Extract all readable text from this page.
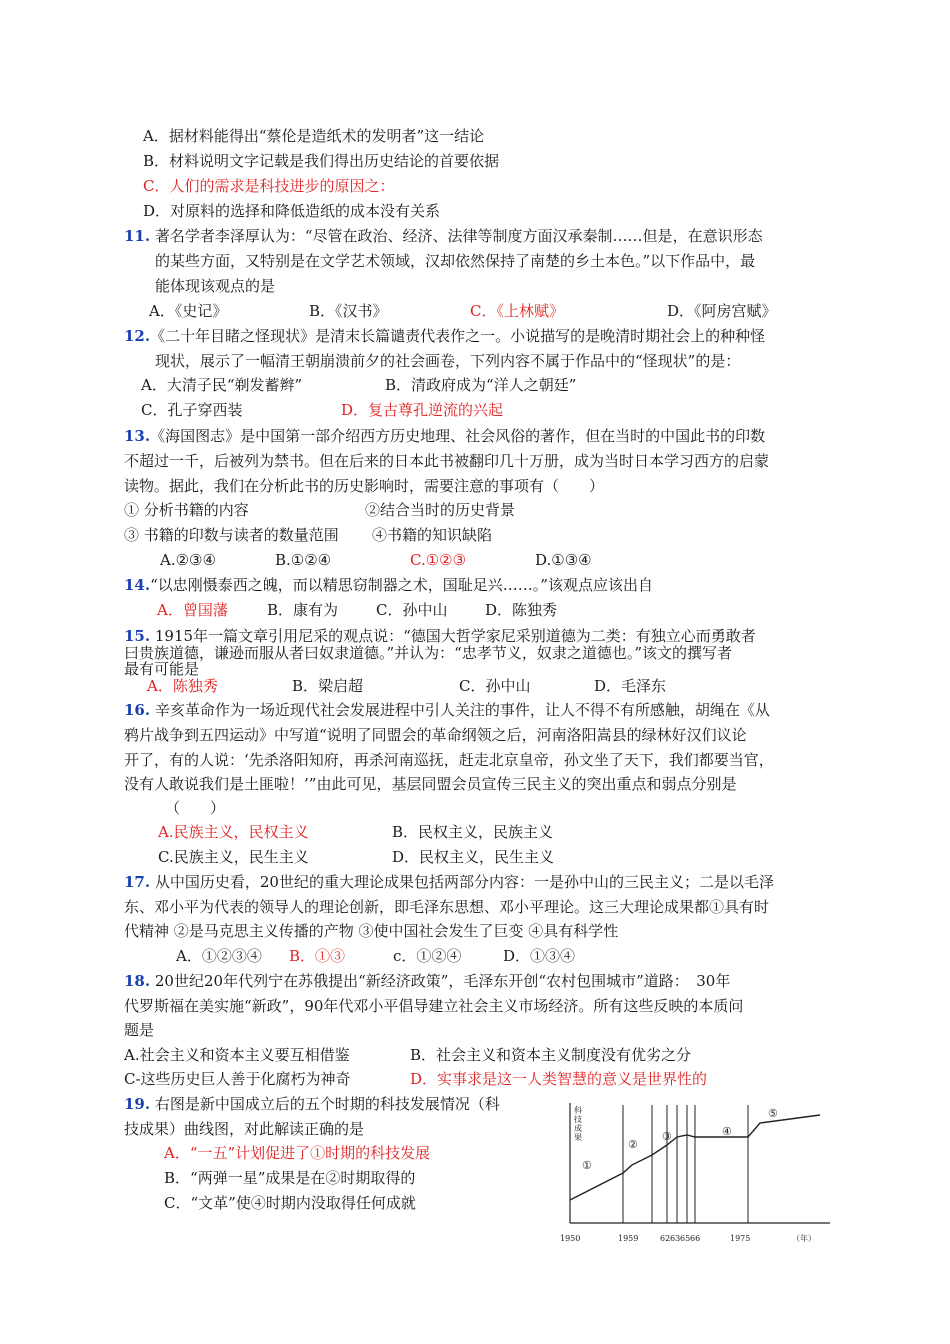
A．据材料能得出“蔡伦是造纸术的发明者”这一结论
B．材料说明文字记载是我们得出历史结论的首要依据
C．人们的需求是科技进步的原因之：
D．对原料的选择和降低造纸的成本没有关系
11. 著名学者李泽厚认为：“尽管在政治、经济、法律等制度方面汉承秦制……但是，在意识形态
的某些方面，又特别是在文学艺术领域，汉却依然保持了南楚的乡土本色。”以下作品中，最
能体现该观点的是
A．《史记》	B．《汉书》	C．《上林赋》	D．《阿房宫赋》
12.《二十年目睹之怪现状》是清末长篇谴责代表作之一。小说描写的是晚清时期社会上的种种怪
现状，展示了一幅清王朝崩溃前夕的社会画卷，下列内容不属于作品中的“怪现状”的是：
A．大清子民“剃发蓄辫”	B．清政府成为“洋人之朝廷”
C．孔子穿西装	D．复古尊孔逆流的兴起
13.《海国图志》是中国第一部介绍西方历史地理、社会风俗的著作，但在当时的中国此书的印数
不超过一千，后被列为禁书。但在后来的日本此书被翻印几十万册，成为当时日本学习西方的启蒙
读物。据此，我们在分析此书的历史影响时，需要注意的事项有（　　）
① 分析书籍的内容	②结合当时的历史背景
③ 书籍的印数与读者的数量范围 ④书籍的知识缺陷
A.②③④	B.①②④	C.①②③	D.①③④
14.“以忠刚慑泰西之魄，而以精思窃制器之术，国耻足兴……。”该观点应该出自
A．曾国藩	B．康有为	C．孙中山	D．陈独秀
15. 1915年一篇文章引用尼采的观点说：“德国大哲学家尼采别道德为二类：有独立心而勇敢者
曰贵族道德，谦逊而服从者曰奴隶道德。”并认为：“忠孝节义，奴隶之道德也。”该文的撰写者
最有可能是
A．陈独秀	B．梁启超	C．孙中山	D．毛泽东
16. 辛亥革命作为一场近现代社会发展进程中引人关注的事件，让人不得不有所感触，胡绳在《从
鸦片战争到五四运动》中写道“说明了同盟会的革命纲领之后，河南洛阳嵩县的绿林好汉们议论
开了，有的人说：‘先杀洛阳知府，再杀河南巡抚，赶走北京皇帝，孙文坐了天下，我们都要当官，
没有人敢说我们是土匪啦！’”由此可见，基层同盟会员宣传三民主义的突出重点和弱点分别是
（　　）
A.民族主义，民权主义	B．民权主义，民族主义
C.民族主义，民生主义	D．民权主义，民生主义
17. 从中国历史看，20世纪的重大理论成果包括两部分内容：一是孙中山的三民主义；二是以毛泽
东、邓小平为代表的领导人的理论创新，即毛泽东思想、邓小平理论。这三大理论成果都①具有时
代精神 ②是马克思主义传播的产物 ③使中国社会发生了巨变 ④具有科学性
A．①②③④ B．①③	c．①②④	D．①③④
18. 20世纪20年代列宁在苏俄提出“新经济政策”，毛泽东开创“农村包围城市”道路：　30年
代罗斯福在美实施“新政”，90年代邓小平倡导建立社会主义市场经济。所有这些反映的本质问
题是
A.社会主义和资本主义要互相借鉴	B．社会主义和资本主义制度没有优劣之分
C-这些历史巨人善于化腐朽为神奇	D．实事求是这一人类智慧的意义是世界性的
19. 右图是新中国成立后的五个时期的科技发展情况（科
技成果）曲线图，对此解读正确的是
A．“一五”计划促进了①时期的科技发展
B．“两弹一星”成果是在②时期取得的
C．“文革”使④时期内没取得任何成就
①
②
③	④
⑤
1950	1959	62 63 65 66	1975	（年）
科
技
成
果
